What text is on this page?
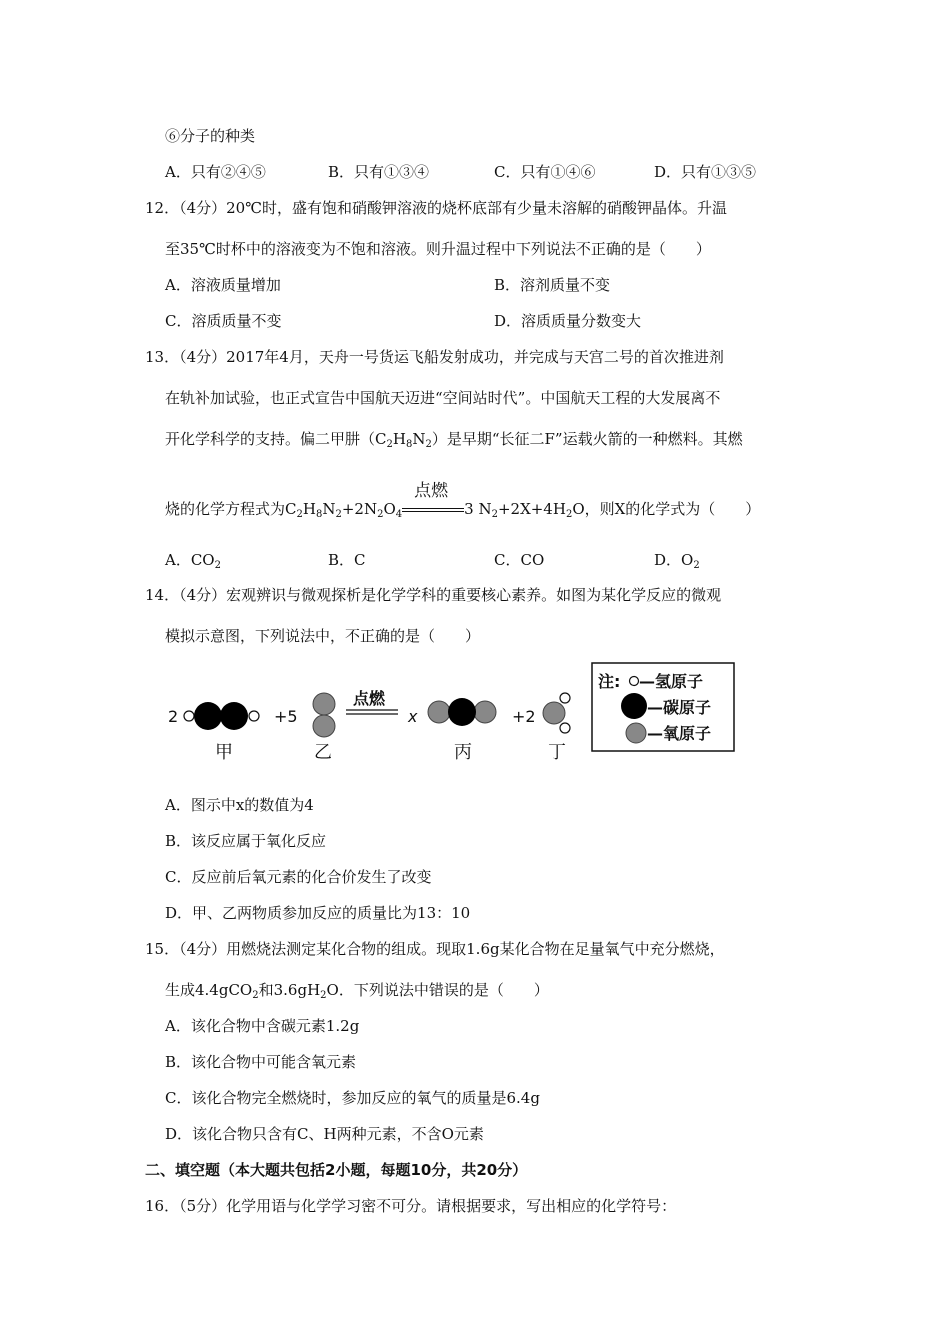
⑥分子的种类
A．只有②④⑤	B．只有①③④	C．只有①④⑥	D．只有①③⑤
12．（4分）20℃时，盛有饱和硝酸钾溶液的烧杯底部有少量未溶解的硝酸钾晶体。升温
至35℃时杯中的溶液变为不饱和溶液。则升温过程中下列说法不正确的是（　　）
A．溶液质量增加	B．溶剂质量不变
C．溶质质量不变	D．溶质质量分数变大
13．（4分）2017年4月，天舟一号货运飞船发射成功，并完成与天宫二号的首次推进剂
在轨补加试验，也正式宣告中国航天迈进“空间站时代”。中国航天工程的大发展离不
开化学科学的支持。偏二甲肼$(C_2H_8N_2)$是早期“长征二F”运载火箭的一种燃料。其燃
烧的化学方程式为$C_2H_8N_2+2N_2O_4$
点燃
3 $N_2+2X+4H_2O$，则X的化学式为（　　）
A．$CO_2$	B．C	C．CO	D．$O_2$
14．（4分）宏观辨识与微观探析是化学学科的重要核心素养。如图为某化学反应的微观
模拟示意图，下列说法中，不正确的是（　　）
2
甲
+5
乙
点燃
x
丙
+2
丁
注: —氢原子
—碳原子
—氧原子
A．图示中x的数值为4
B．该反应属于氧化反应
C．反应前后氧元素的化合价发生了改变
D．甲、乙两物质参加反应的质量比为13：10
15．（4分）用燃烧法测定某化合物的组成。现取1.6g某化合物在足量氧气中充分燃烧，
生成4.4gCO$_2$和$3.6gH_2O$．下列说法中错误的是（　　）
A．该化合物中含碳元素1.2g
B．该化合物中可能含氧元素
C．该化合物完全燃烧时，参加反应的氧气的质量是6.4g
D．该化合物只含有C、H两种元素，不含O元素
二、填空题（本大题共包括2小题，每题10分，共20分）
16．（5分）化学用语与化学学习密不可分。请根据要求，写出相应的化学符号：
